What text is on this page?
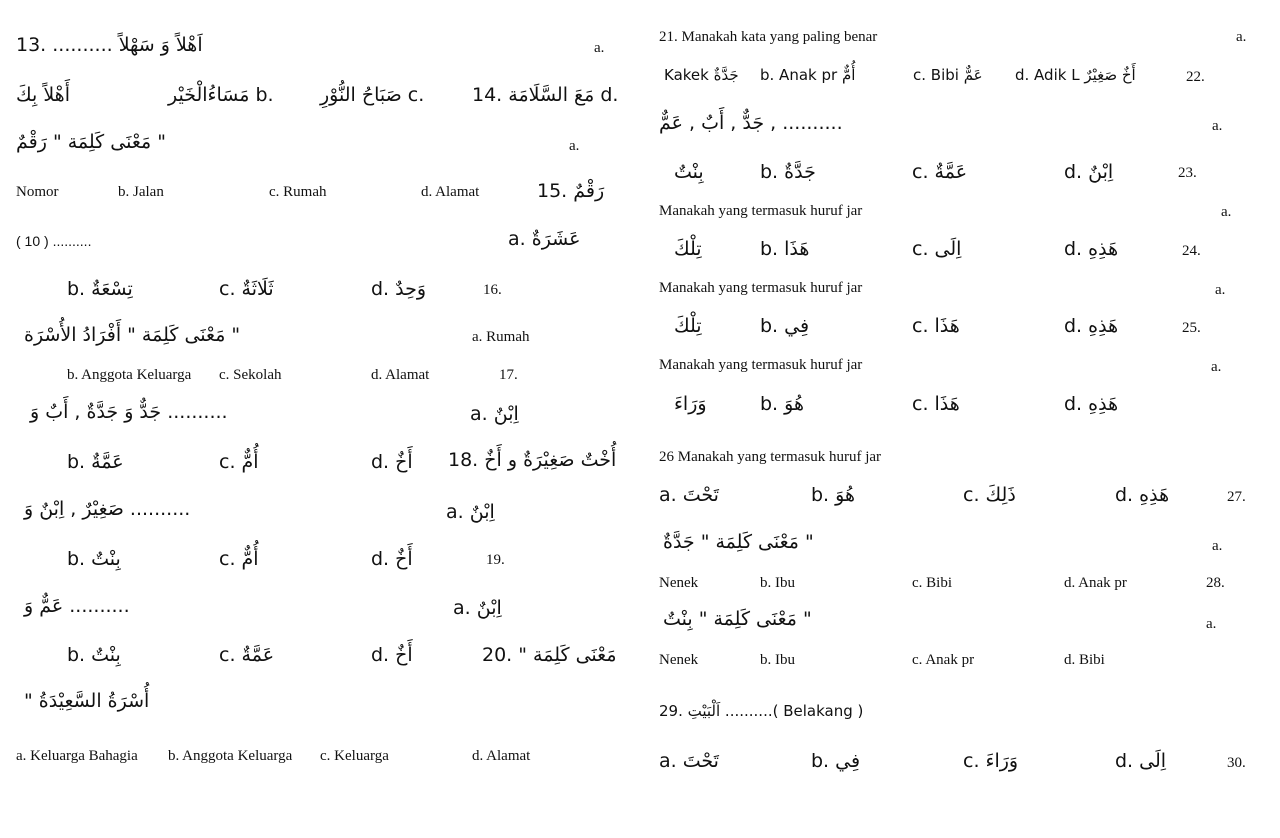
13. .......... اَهْلاً وَ سَهْلاً	a.
14. مَعَ السَّلَامَة d.
صَبَاحُ النُّوْرِ c.
مَسَاءُالْخَيْر b.
أَهْلاً بِكَ
مَعْنَى كَلِمَة " رَقْمٌ "	a.
Nomor	b. Jalan	c. Rumah	d. Alamat	15. رَقْمٌ
( 10 ) ..........	a. عَشَرَةٌ
b. تِسْعَةٌ	c. ثَلَاثَةٌ	d. وَحِدٌ	16.
مَعْنَى كَلِمَة " أَفْرَادُ الأُسْرَة "	a. Rumah
b. Anggota Keluarga c. Sekolah	d. Alamat	17.
جَدٌّ وَ جَدَّةٌ , أَبٌ وَ ..........	a. اِبْنٌ
b. عَمَّةٌ	c. أُمٌّ	d. أَخٌ 18. أُخْتٌ صَغِيْرَةٌ و أَخٌ
صَغِيْرٌ , اِبْنٌ وَ ..........	a. اِبْنٌ
b. بِنْتٌ	c. أُمٌّ	d. أَخٌ	19.
عَمٌّ وَ ..........	a. اِبْنٌ
b. بِنْتٌ	c. عَمَّةٌ	d. أَخٌ	20. " مَعْنَى كَلِمَة
" أُسْرَةُ السَّعِيْدَةُ
a. Keluarga Bahagia b. Anggota Keluarga c. Keluarga	d. Alamat
21. Manakah kata yang paling benar	a.
Kakek جَدَّةٌ b. Anak pr أُمٌّ	c. Bibi عَمٌّ d. Adik L أَخٌ صَغِيْرٌ	22.
جَدٌّ , أَبٌ , عَمٌّ , ..........	a.
بِنْتٌ	b. جَدَّةٌ	c. عَمَّةٌ	d. اِبْنٌ	23.
Manakah yang termasuk huruf jar	a.
تِلْكَ	b. هَذَا	c. اِلَى	d. هَذِهِ	24.
Manakah yang termasuk huruf jar	a.
تِلْكَ	b. فِي	c. هَذَا	d. هَذِهِ	25.
Manakah yang termasuk huruf jar	a.
وَرَاءَ	b. هُوَ	c. هَذَا	d. هَذِهِ
26 Manakah yang termasuk huruf jar
a. تَحْتَ	b. هُوَ	c. ذَلِكَ	d. هَذِهِ	27.
مَعْنَى كَلِمَة " جَدَّةٌ "	a.
Nenek	b. Ibu	c. Bibi	d. Anak pr	28.
مَعْنَى كَلِمَة " بِنْتٌ "	a.
Nenek	b. Ibu	c. Anak pr	d. Bibi
29. اَلْبَيْتِ ..........( Belakang )
a. تَحْتَ	b. فِي	c. وَرَاءَ	d. اِلَى	30.
